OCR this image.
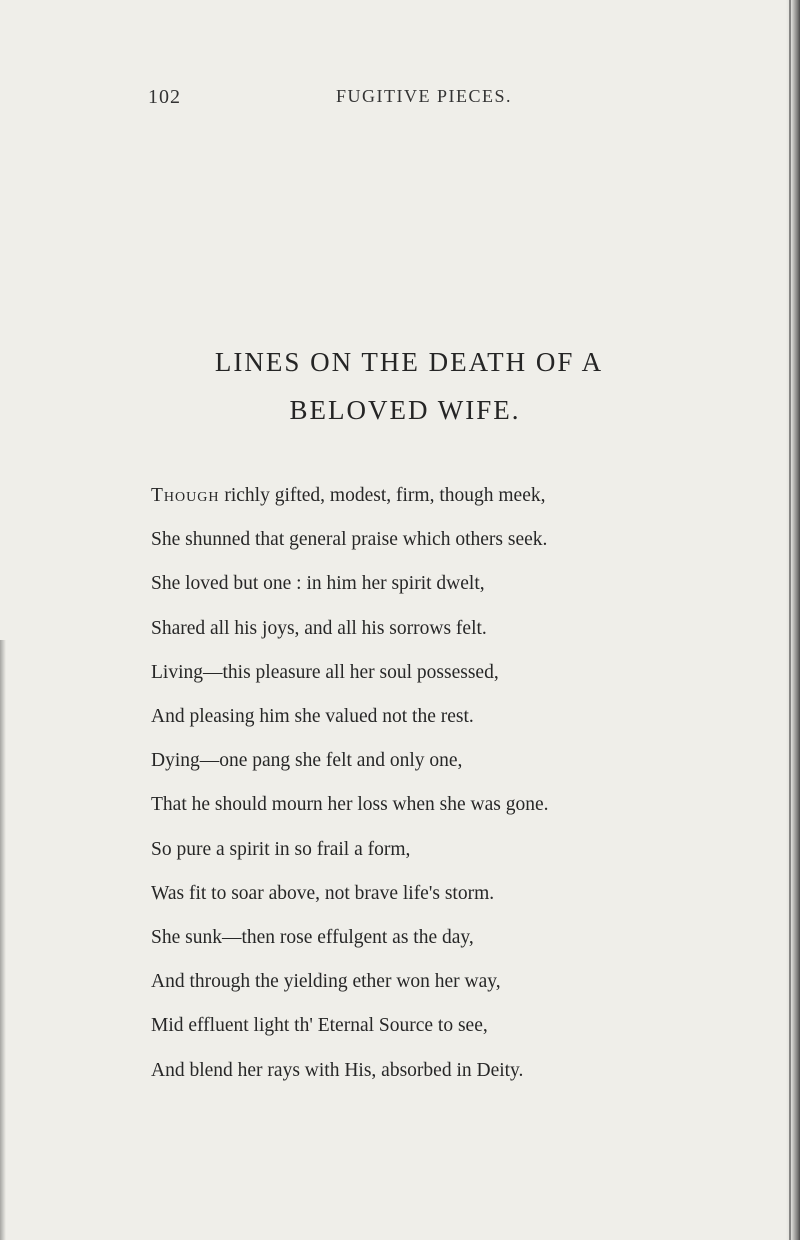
102	FUGITIVE PIECES.
LINES ON THE DEATH OF A
BELOVED WIFE.
Though richly gifted, modest, firm, though meek,
She shunned that general praise which others seek.
She loved but one : in him her spirit dwelt,
Shared all his joys, and all his sorrows felt.
Living—this pleasure all her soul possessed,
And pleasing him she valued not the rest.
Dying—one pang she felt and only one,
That he should mourn her loss when she was gone.
So pure a spirit in so frail a form,
Was fit to soar above, not brave life's storm.
She sunk—then rose effulgent as the day,
And through the yielding ether won her way,
Mid effluent light th' Eternal Source to see,
And blend her rays with His, absorbed in Deity.
